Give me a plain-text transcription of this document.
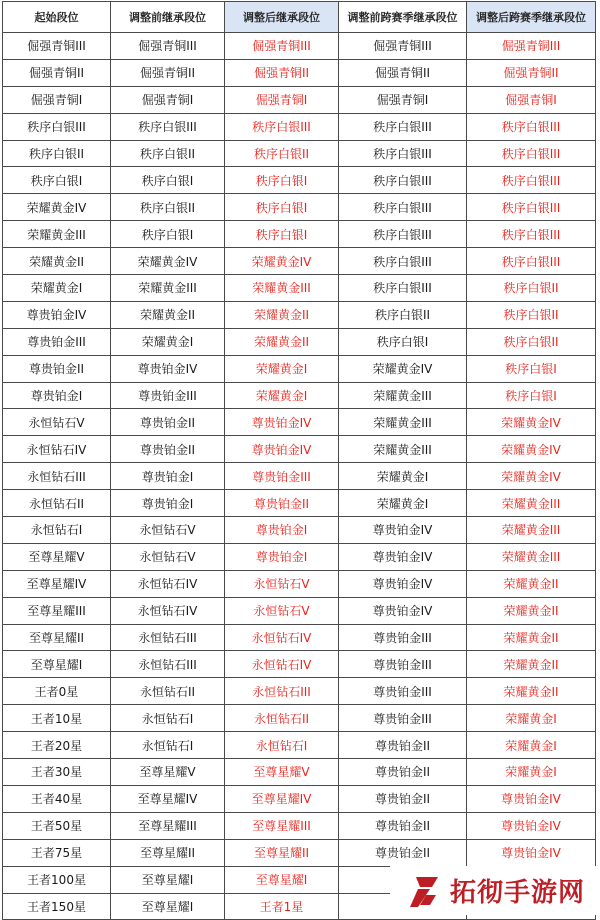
起始段位	调整前继承段位	调整后继承段位	调整前跨赛季继承段位	调整后跨赛季继承段位
倔强青铜III	倔强青铜III	倔强青铜III	倔强青铜III	倔强青铜III
倔强青铜II	倔强青铜II	倔强青铜II	倔强青铜II	倔强青铜II
倔强青铜I	倔强青铜I	倔强青铜I	倔强青铜I	倔强青铜I
秩序白银III	秩序白银III	秩序白银III	秩序白银III	秩序白银III
秩序白银II	秩序白银II	秩序白银II	秩序白银III	秩序白银III
秩序白银I	秩序白银I	秩序白银I	秩序白银III	秩序白银III
荣耀黄金IV	秩序白银II	秩序白银I	秩序白银III	秩序白银III
荣耀黄金III	秩序白银I	秩序白银I	秩序白银III	秩序白银III
荣耀黄金II	荣耀黄金IV	荣耀黄金IV	秩序白银III	秩序白银III
荣耀黄金I	荣耀黄金III	荣耀黄金III	秩序白银III	秩序白银II
尊贵铂金IV	荣耀黄金II	荣耀黄金II	秩序白银II	秩序白银II
尊贵铂金III	荣耀黄金I	荣耀黄金II	秩序白银I	秩序白银II
尊贵铂金II	尊贵铂金IV	荣耀黄金I	荣耀黄金IV	秩序白银I
尊贵铂金I	尊贵铂金III	荣耀黄金I	荣耀黄金III	秩序白银I
永恒钻石V	尊贵铂金II	尊贵铂金IV	荣耀黄金III	荣耀黄金IV
永恒钻石IV	尊贵铂金II	尊贵铂金IV	荣耀黄金III	荣耀黄金IV
永恒钻石III	尊贵铂金I	尊贵铂金III	荣耀黄金I	荣耀黄金IV
永恒钻石II	尊贵铂金I	尊贵铂金II	荣耀黄金I	荣耀黄金III
永恒钻石I	永恒钻石V	尊贵铂金I	尊贵铂金IV	荣耀黄金III
至尊星耀V	永恒钻石V	尊贵铂金I	尊贵铂金IV	荣耀黄金III
至尊星耀IV	永恒钻石IV	永恒钻石V	尊贵铂金IV	荣耀黄金II
至尊星耀III	永恒钻石IV	永恒钻石V	尊贵铂金IV	荣耀黄金II
至尊星耀II	永恒钻石III	永恒钻石IV	尊贵铂金III	荣耀黄金II
至尊星耀I	永恒钻石III	永恒钻石IV	尊贵铂金III	荣耀黄金II
王者0星	永恒钻石II	永恒钻石III	尊贵铂金III	荣耀黄金II
王者10星	永恒钻石I	永恒钻石II	尊贵铂金III	荣耀黄金I
王者20星	永恒钻石I	永恒钻石I	尊贵铂金II	荣耀黄金I
王者30星	至尊星耀V	至尊星耀V	尊贵铂金II	荣耀黄金I
王者40星	至尊星耀IV	至尊星耀IV	尊贵铂金II	尊贵铂金IV
王者50星	至尊星耀III	至尊星耀III	尊贵铂金II	尊贵铂金IV
王者75星	至尊星耀II	至尊星耀II	尊贵铂金II	尊贵铂金IV
王者100星	至尊星耀I	至尊星耀I		
王者150星	至尊星耀I	王者1星			拓彻手游网
